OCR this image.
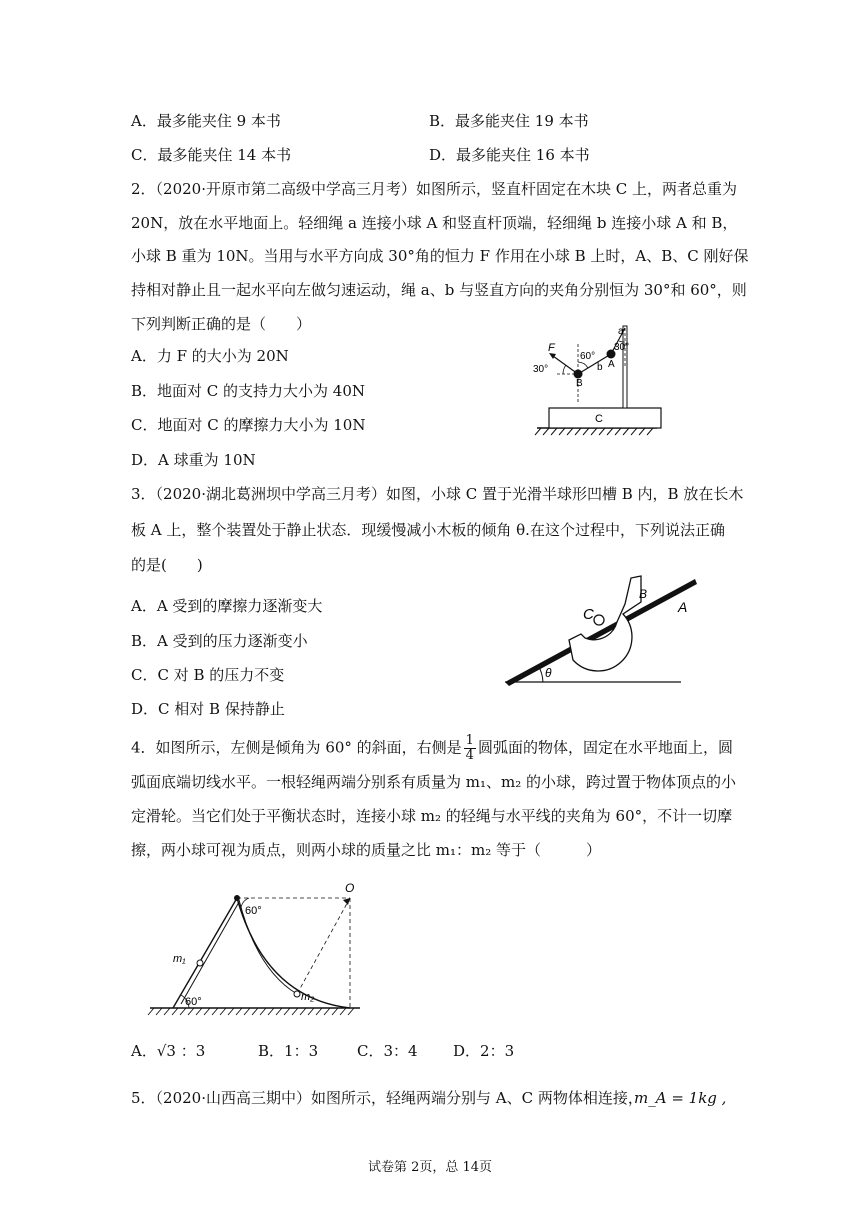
A．最多能夹住 9 本书	B．最多能夹住 19 本书
C．最多能夹住 14 本书	D．最多能夹住 16 本书
2．（2020·开原市第二高级中学高三月考）如图所示，竖直杆固定在木块 C 上，两者总重为
20N，放在水平地面上。轻细绳 a 连接小球 A 和竖直杆顶端，轻细绳 b 连接小球 A 和 B，
小球 B 重为 10N。当用与水平方向成 30°角的恒力 F 作用在小球 B 上时，A、B、C 刚好保
持相对静止且一起水平向左做匀速运动，绳 a、b 与竖直方向的夹角分别恒为 30°和 60°，则
下列判断正确的是（　　）
A．力 F 的大小为 20N
B．地面对 C 的支持力大小为 40N
C．地面对 C 的摩擦力大小为 10N
D．A 球重为 10N
C
F
60°
30°
30°
B
A
b
a
3．（2020·湖北葛洲坝中学高三月考）如图，小球 C 置于光滑半球形凹槽 B 内，B 放在长木
板 A 上，整个装置处于静止状态．现缓慢减小木板的倾角 θ.在这个过程中，下列说法正确
的是(　　)
A．A 受到的摩擦力逐渐变大
B．A 受到的压力逐渐变小
C．C 对 B 的压力不变
D．C 相对 B 保持静止
θ
C
B
A
4．如图所示，左侧是倾角为 60° 的斜面，右侧是 $\frac{1}{4}$ 圆弧面的物体，固定在水平地面上，圆
弧面底端切线水平。一根轻绳两端分别系有质量为 m₁、m₂ 的小球，跨过置于物体顶点的小
定滑轮。当它们处于平衡状态时，连接小球 m₂ 的轻绳与水平线的夹角为 60°，不计一切摩
擦，两小球可视为质点，则两小球的质量之比 m₁：m₂ 等于（　　　）
O
60°
m₁
m₂
60°
A．√3 ：3	B．1：3	C．3：4 D．2：3
5．（2020·山西高三期中）如图所示，轻绳两端分别与 A、C 两物体相连接，
m_A = 1kg ,
试卷第 2页，总 14页
